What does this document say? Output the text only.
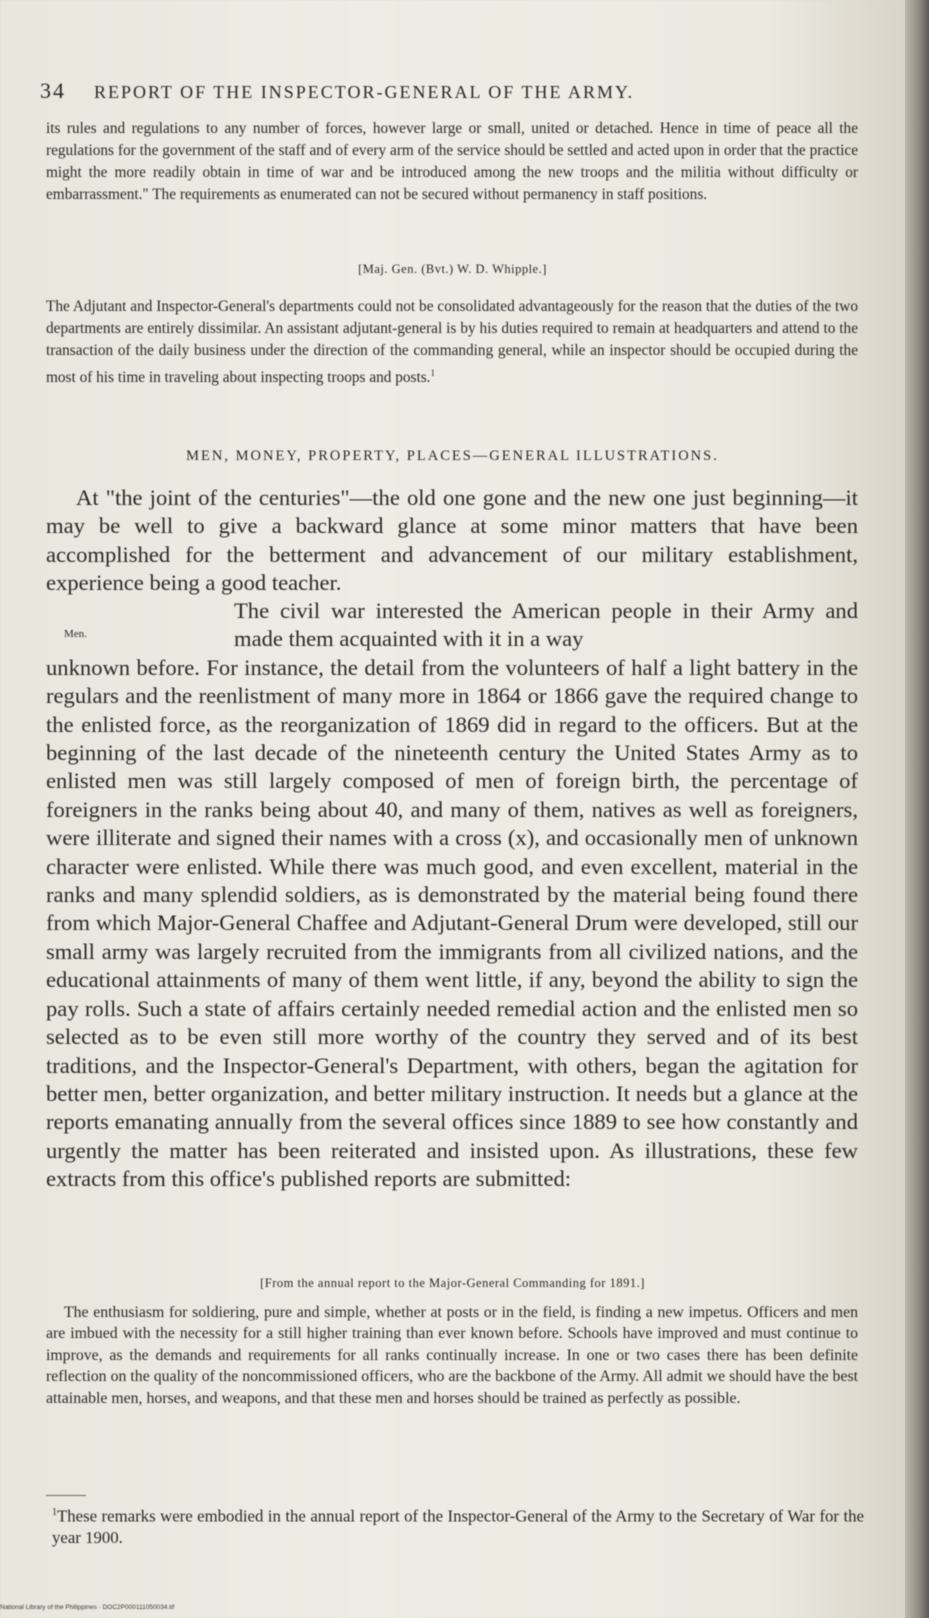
34 REPORT OF THE INSPECTOR-GENERAL OF THE ARMY.
its rules and regulations to any number of forces, however large or small, united or detached. Hence in time of peace all the regulations for the government of the staff and of every arm of the service should be settled and acted upon in order that the practice might the more readily obtain in time of war and be introduced among the new troops and the militia without difficulty or embarrassment." The requirements as enumerated can not be secured without permanency in staff positions.
[Maj. Gen. (Bvt.) W. D. Whipple.]
The Adjutant and Inspector-General's departments could not be consolidated advantageously for the reason that the duties of the two departments are entirely dissimilar. An assistant adjutant-general is by his duties required to remain at headquarters and attend to the transaction of the daily business under the direction of the commanding general, while an inspector should be occupied during the most of his time in traveling about inspecting troops and posts.$^1$
MEN, MONEY, PROPERTY, PLACES—GENERAL ILLUSTRATIONS.
At "the joint of the centuries"—the old one gone and the new one just beginning—it may be well to give a backward glance at some minor matters that have been accomplished for the betterment and advancement of our military establishment, experience being a good teacher.
Men.
The civil war interested the American people in their Army and made them acquainted with it in a way
unknown before. For instance, the detail from the volunteers of half a light battery in the regulars and the reenlistment of many more in 1864 or 1866 gave the required change to the enlisted force, as the reorganization of 1869 did in regard to the officers. But at the beginning of the last decade of the nineteenth century the United States Army as to enlisted men was still largely composed of men of foreign birth, the percentage of foreigners in the ranks being about 40, and many of them, natives as well as foreigners, were illiterate and signed their names with a cross (x), and occasionally men of unknown character were enlisted. While there was much good, and even excellent, material in the ranks and many splendid soldiers, as is demonstrated by the material being found there from which Major-General Chaffee and Adjutant-General Drum were developed, still our small army was largely recruited from the immigrants from all civilized nations, and the educational attainments of many of them went little, if any, beyond the ability to sign the pay rolls. Such a state of affairs certainly needed remedial action and the enlisted men so selected as to be even still more worthy of the country they served and of its best traditions, and the Inspector-General's Department, with others, began the agitation for better men, better organization, and better military instruction. It needs but a glance at the reports emanating annually from the several offices since 1889 to see how constantly and urgently the matter has been reiterated and insisted upon. As illustrations, these few extracts from this office's published reports are submitted:
[From the annual report to the Major-General Commanding for 1891.]
The enthusiasm for soldiering, pure and simple, whether at posts or in the field, is finding a new impetus. Officers and men are imbued with the necessity for a still higher training than ever known before. Schools have improved and must continue to improve, as the demands and requirements for all ranks continually increase. In one or two cases there has been definite reflection on the quality of the noncommissioned officers, who are the backbone of the Army. All admit we should have the best attainable men, horses, and weapons, and that these men and horses should be trained as perfectly as possible.
$^1$These remarks were embodied in the annual report of the Inspector-General of the Army to the Secretary of War for the year 1900.
National Library of the Philippines · DOC2P000111050034.tif
